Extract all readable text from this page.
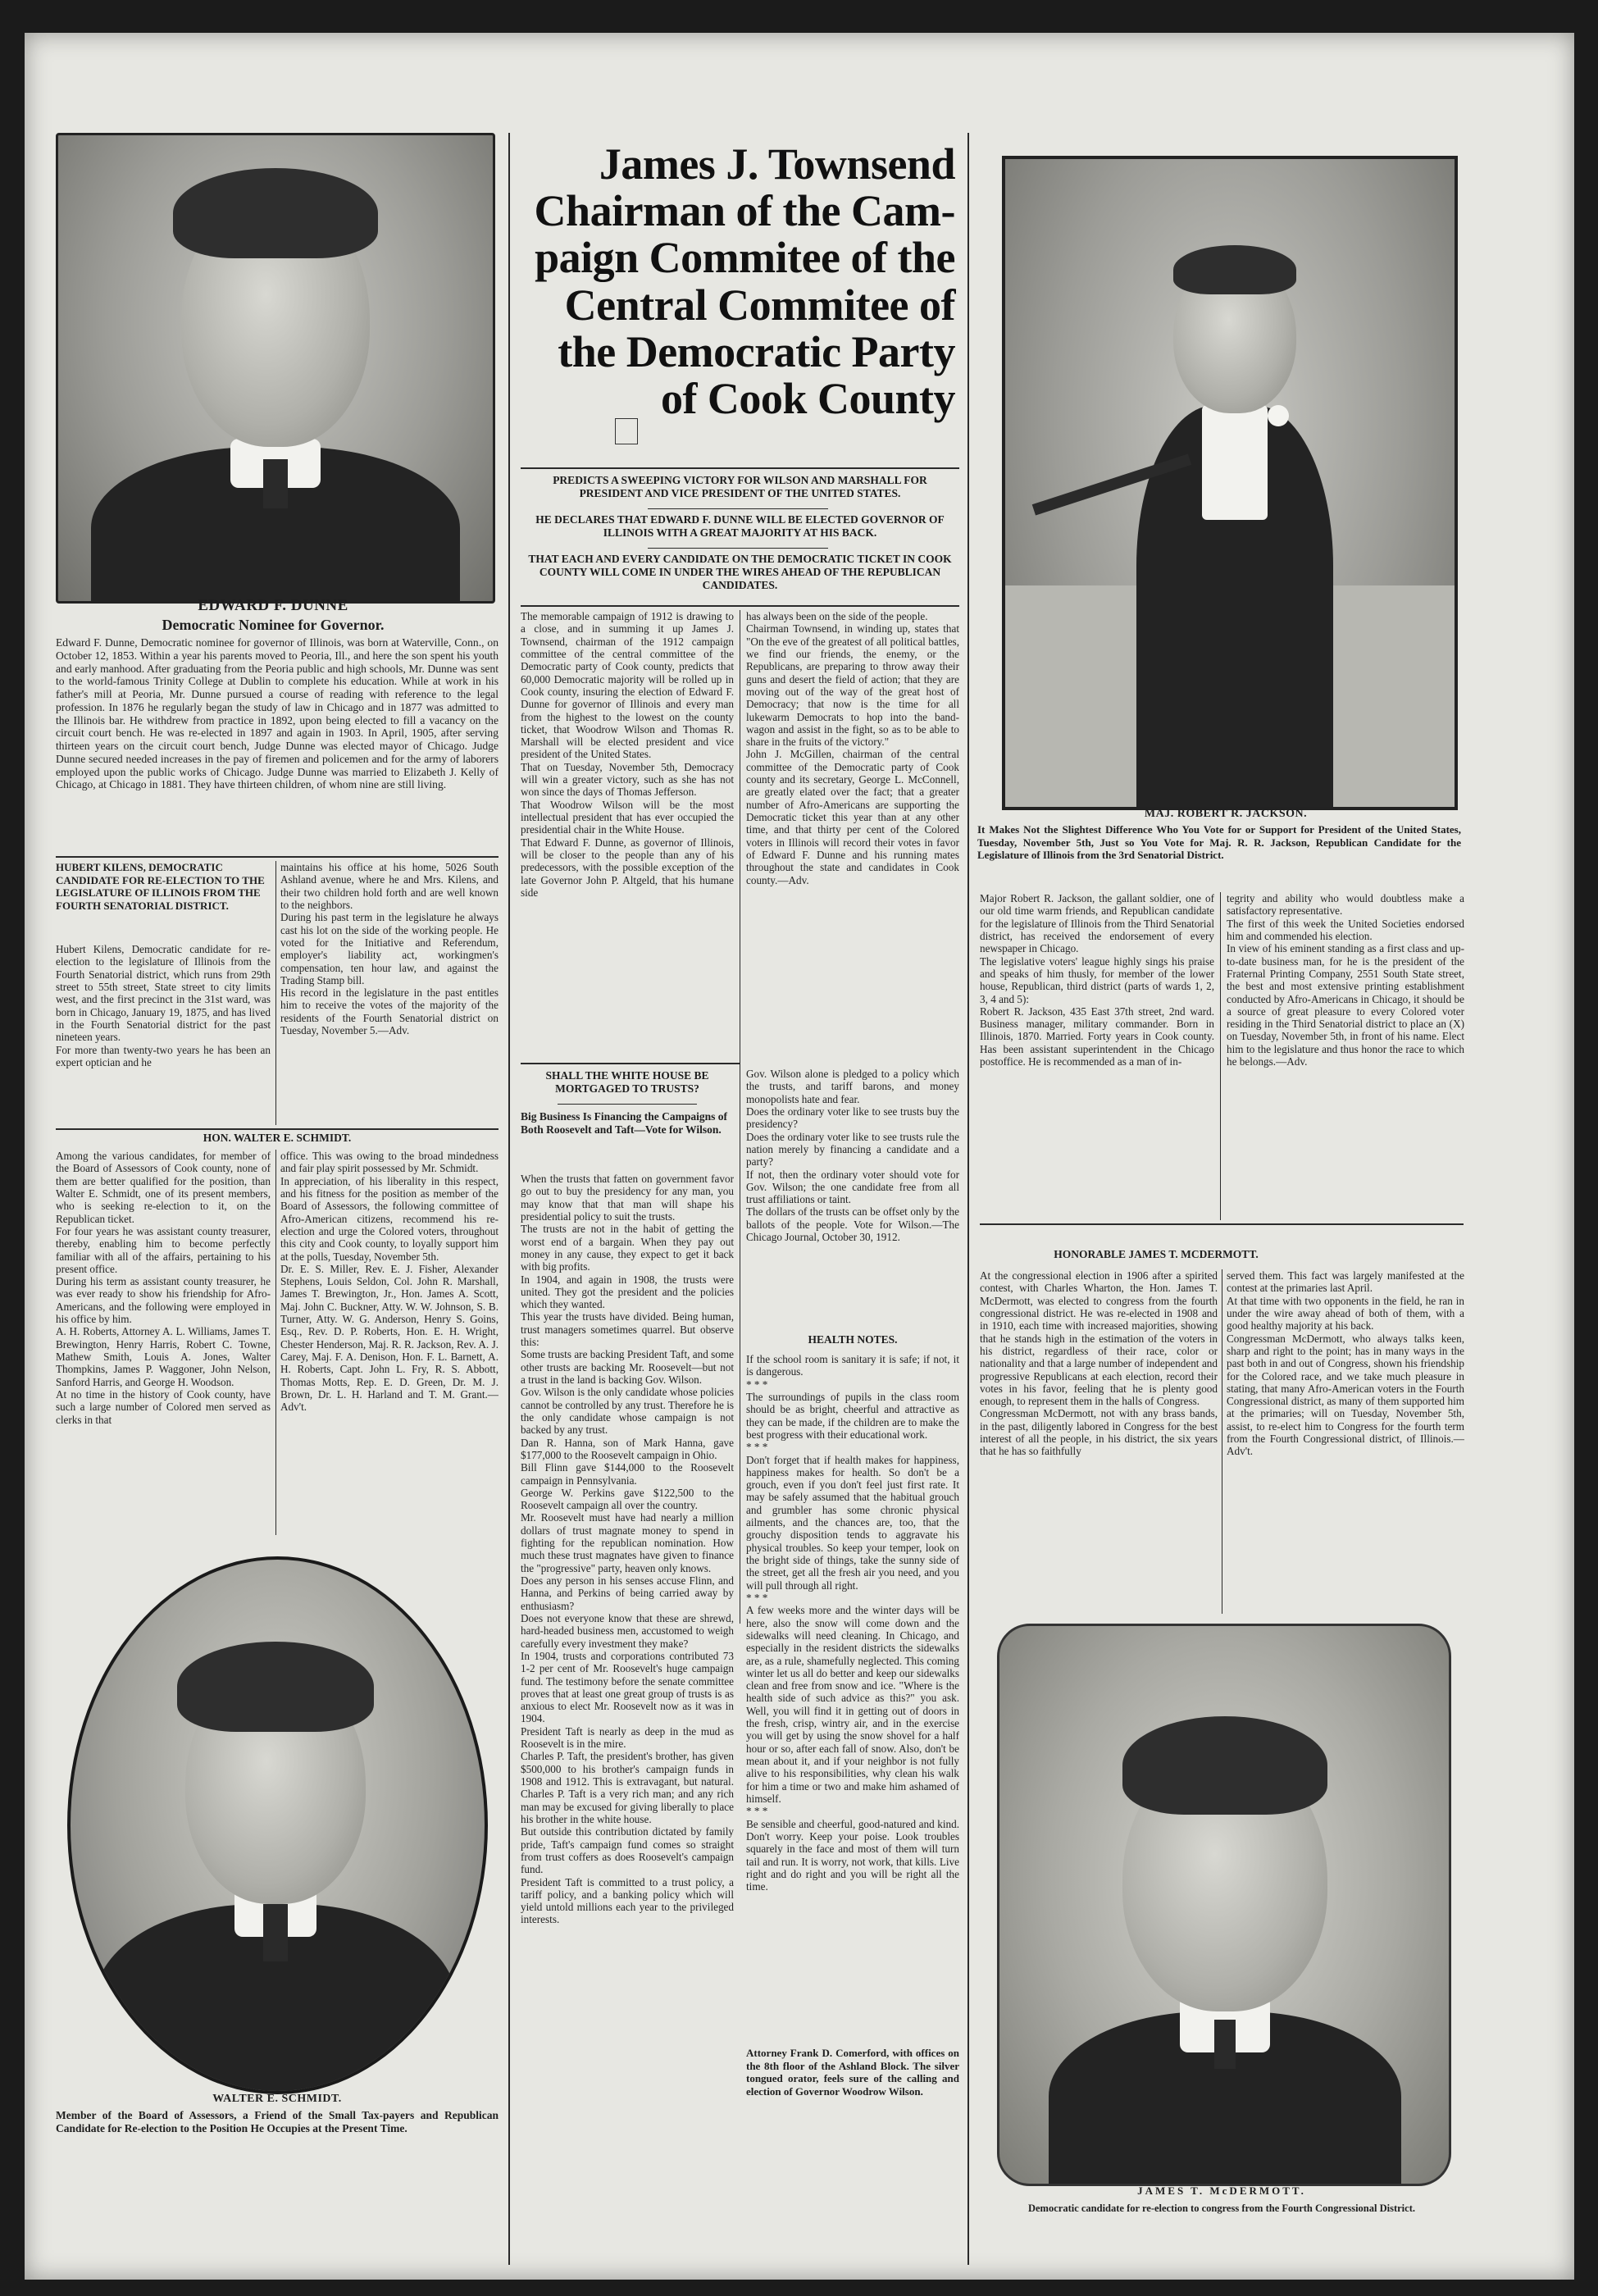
EDWARD F. DUNNE
Democratic Nominee for Governor.
Edward F. Dunne, Democratic nominee for governor of Illinois, was born at Waterville, Conn., on October 12, 1853. Within a year his parents moved to Peoria, Ill., and here the son spent his youth and early manhood. After graduating from the Peoria public and high schools, Mr. Dunne was sent to the world-famous Trinity College at Dublin to complete his education. While at work in his father's mill at Peoria, Mr. Dunne pursued a course of reading with reference to the legal profession. In 1876 he regularly began the study of law in Chicago and in 1877 was admitted to the Illinois bar. He withdrew from practice in 1892, upon being elected to fill a vacancy on the circuit court bench. He was re-elected in 1897 and again in 1903. In April, 1905, after serving thirteen years on the circuit court bench, Judge Dunne was elected mayor of Chicago. Judge Dunne secured needed increases in the pay of firemen and policemen and for the army of laborers employed upon the public works of Chicago. Judge Dunne was married to Elizabeth J. Kelly of Chicago, at Chicago in 1881. They have thirteen children, of whom nine are still living.
HUBERT KILENS, DEMOCRATIC CANDIDATE FOR RE-ELECTION TO THE LEGISLATURE OF ILLINOIS FROM THE FOURTH SENATORIAL DISTRICT.
Hubert Kilens, Democratic candidate for re-election to the legislature of Illinois from the Fourth Senatorial district, which runs from 29th street to 55th street, State street to city limits west, and the first precinct in the 31st ward, was born in Chicago, January 19, 1875, and has lived in the Fourth Senatorial district for the past nineteen years.
For more than twenty-two years he has been an expert optician and he
maintains his office at his home, 5026 South Ashland avenue, where he and Mrs. Kilens, and their two children hold forth and are well known to the neighbors.
During his past term in the legislature he always cast his lot on the side of the working people. He voted for the Initiative and Referendum, employer's liability act, workingmen's compensation, ten hour law, and against the Trading Stamp bill.
His record in the legislature in the past entitles him to receive the votes of the majority of the residents of the Fourth Senatorial district on Tuesday, November 5.—Adv.
HON. WALTER E. SCHMIDT.
Among the various candidates, for member of the Board of Assessors of Cook county, none of them are better qualified for the position, than Walter E. Schmidt, one of its present members, who is seeking re-election to it, on the Republican ticket.
For four years he was assistant county treasurer, thereby, enabling him to become perfectly familiar with all of the affairs, pertaining to his present office.
During his term as assistant county treasurer, he was ever ready to show his friendship for Afro-Americans, and the following were employed in his office by him.
A. H. Roberts, Attorney A. L. Williams, James T. Brewington, Henry Harris, Robert C. Towne, Mathew Smith, Louis A. Jones, Walter Thompkins, James P. Waggoner, John Nelson, Sanford Harris, and George H. Woodson.
At no time in the history of Cook county, have such a large number of Colored men served as clerks in that
office. This was owing to the broad mindedness and fair play spirit possessed by Mr. Schmidt.
In appreciation, of his liberality in this respect, and his fitness for the position as member of the Board of Assessors, the following committee of Afro-American citizens, recommend his re-election and urge the Colored voters, throughout this city and Cook county, to loyally support him at the polls, Tuesday, November 5th.
Dr. E. S. Miller, Rev. E. J. Fisher, Alexander Stephens, Louis Seldon, Col. John R. Marshall, James T. Brewington, Jr., Hon. James A. Scott, Maj. John C. Buckner, Atty. W. W. Johnson, S. B. Turner, Atty. W. G. Anderson, Henry S. Goins, Esq., Rev. D. P. Roberts, Hon. E. H. Wright, Chester Henderson, Maj. R. R. Jackson, Rev. A. J. Carey, Maj. F. A. Denison, Hon. F. L. Barnett, A. H. Roberts, Capt. John L. Fry, R. S. Abbott, Thomas Motts, Rep. E. D. Green, Dr. M. J. Brown, Dr. L. H. Harland and T. M. Grant.—Adv't.
WALTER E. SCHMIDT.
Member of the Board of Assessors, a Friend of the Small Tax-payers and Republican Candidate for Re-election to the Position He Occupies at the Present Time.
James J. Townsend
Chairman of the Cam-
paign Commitee of the
Central Commitee of
the Democratic Party
of Cook County
PREDICTS A SWEEPING VICTORY FOR WILSON AND MARSHALL FOR PRESIDENT AND VICE PRESIDENT OF THE UNITED STATES.
HE DECLARES THAT EDWARD F. DUNNE WILL BE ELECTED GOVERNOR OF ILLINOIS WITH A GREAT MAJORITY AT HIS BACK.
THAT EACH AND EVERY CANDIDATE ON THE DEMOCRATIC TICKET IN COOK COUNTY WILL COME IN UNDER THE WIRES AHEAD OF THE REPUBLICAN CANDIDATES.
The memorable campaign of 1912 is drawing to a close, and in summing it up James J. Townsend, chairman of the 1912 campaign committee of the central committee of the Democratic party of Cook county, predicts that 60,000 Democratic majority will be rolled up in Cook county, insuring the election of Edward F. Dunne for governor of Illinois and every man from the highest to the lowest on the county ticket, that Woodrow Wilson and Thomas R. Marshall will be elected president and vice president of the United States.
That on Tuesday, November 5th, Democracy will win a greater victory, such as she has not won since the days of Thomas Jefferson.
That Woodrow Wilson will be the most intellectual president that has ever occupied the presidential chair in the White House.
That Edward F. Dunne, as governor of Illinois, will be closer to the people than any of his predecessors, with the possible exception of the late Governor John P. Altgeld, that his humane side
has always been on the side of the people.
Chairman Townsend, in winding up, states that "On the eve of the greatest of all political battles, we find our friends, the enemy, or the Republicans, are preparing to throw away their guns and desert the field of action; that they are moving out of the way of the great host of Democracy; that now is the time for all lukewarm Democrats to hop into the band-wagon and assist in the fight, so as to be able to share in the fruits of the victory."
John J. McGillen, chairman of the central committee of the Democratic party of Cook county and its secretary, George L. McConnell, are greatly elated over the fact; that a greater number of Afro-Americans are supporting the Democratic ticket this year than at any other time, and that thirty per cent of the Colored voters in Illinois will record their votes in favor of Edward F. Dunne and his running mates throughout the state and candidates in Cook county.—Adv.
SHALL THE WHITE HOUSE BE MORTGAGED TO TRUSTS?
Big Business Is Financing the Campaigns of Both Roosevelt and Taft—Vote for Wilson.
When the trusts that fatten on government favor go out to buy the presidency for any man, you may know that that man will shape his presidential policy to suit the trusts.
The trusts are not in the habit of getting the worst end of a bargain. When they pay out money in any cause, they expect to get it back with big profits.
In 1904, and again in 1908, the trusts were united. They got the president and the policies which they wanted.
This year the trusts have divided. Being human, trust managers sometimes quarrel. But observe this:
Some trusts are backing President Taft, and some other trusts are backing Mr. Roosevelt—but not a trust in the land is backing Gov. Wilson.
Gov. Wilson is the only candidate whose policies cannot be controlled by any trust. Therefore he is the only candidate whose campaign is not backed by any trust.
Dan R. Hanna, son of Mark Hanna, gave $177,000 to the Roosevelt campaign in Ohio.
Bill Flinn gave $144,000 to the Roosevelt campaign in Pennsylvania.
George W. Perkins gave $122,500 to the Roosevelt campaign all over the country.
Mr. Roosevelt must have had nearly a million dollars of trust magnate money to spend in fighting for the republican nomination. How much these trust magnates have given to finance the "progressive" party, heaven only knows.
Does any person in his senses accuse Flinn, and Hanna, and Perkins of being carried away by enthusiasm?
Does not everyone know that these are shrewd, hard-headed business men, accustomed to weigh carefully every investment they make?
In 1904, trusts and corporations contributed 73 1-2 per cent of Mr. Roosevelt's huge campaign fund. The testimony before the senate committee proves that at least one great group of trusts is as anxious to elect Mr. Roosevelt now as it was in 1904.
President Taft is nearly as deep in the mud as Roosevelt is in the mire.
Charles P. Taft, the president's brother, has given $500,000 to his brother's campaign funds in 1908 and 1912. This is extravagant, but natural. Charles P. Taft is a very rich man; and any rich man may be excused for giving liberally to place his brother in the white house.
But outside this contribution dictated by family pride, Taft's campaign fund comes so straight from trust coffers as does Roosevelt's campaign fund.
President Taft is committed to a trust policy, a tariff policy, and a banking policy which will yield untold millions each year to the privileged interests.
Gov. Wilson alone is pledged to a policy which the trusts, and tariff barons, and money monopolists hate and fear.
Does the ordinary voter like to see trusts buy the presidency?
Does the ordinary voter like to see trusts rule the nation merely by financing a candidate and a party?
If not, then the ordinary voter should vote for Gov. Wilson; the one candidate free from all trust affiliations or taint.
The dollars of the trusts can be offset only by the ballots of the people. Vote for Wilson.—The Chicago Journal, October 30, 1912.
HEALTH NOTES.
If the school room is sanitary it is safe; if not, it is dangerous.
* * *
The surroundings of pupils in the class room should be as bright, cheerful and attractive as they can be made, if the children are to make the best progress with their educational work.
* * *
Don't forget that if health makes for happiness, happiness makes for health. So don't be a grouch, even if you don't feel just first rate. It may be safely assumed that the habitual grouch and grumbler has some chronic physical ailments, and the chances are, too, that the grouchy disposition tends to aggravate his physical troubles. So keep your temper, look on the bright side of things, take the sunny side of the street, get all the fresh air you need, and you will pull through all right.
* * *
A few weeks more and the winter days will be here, also the snow will come down and the sidewalks will need cleaning. In Chicago, and especially in the resident districts the sidewalks are, as a rule, shamefully neglected. This coming winter let us all do better and keep our sidewalks clean and free from snow and ice. "Where is the health side of such advice as this?" you ask. Well, you will find it in getting out of doors in the fresh, crisp, wintry air, and in the exercise you will get by using the snow shovel for a half hour or so, after each fall of snow. Also, don't be mean about it, and if your neighbor is not fully alive to his responsibilities, why clean his walk for him a time or two and make him ashamed of himself.
* * *
Be sensible and cheerful, good-natured and kind. Don't worry. Keep your poise. Look troubles squarely in the face and most of them will turn tail and run. It is worry, not work, that kills. Live right and do right and you will be right all the time.
Attorney Frank D. Comerford, with offices on the 8th floor of the Ashland Block. The silver tongued orator, feels sure of the calling and election of Governor Woodrow Wilson.
MAJ. ROBERT R. JACKSON.
It Makes Not the Slightest Difference Who You Vote for or Support for President of the United States, Tuesday, November 5th, Just so You Vote for Maj. R. R. Jackson, Republican Candidate for the Legislature of Illinois from the 3rd Senatorial District.
Major Robert R. Jackson, the gallant soldier, one of our old time warm friends, and Republican candidate for the legislature of Illinois from the Third Senatorial district, has received the endorsement of every newspaper in Chicago.
The legislative voters' league highly sings his praise and speaks of him thusly, for member of the lower house, Republican, third district (parts of wards 1, 2, 3, 4 and 5):
Robert R. Jackson, 435 East 37th street, 2nd ward. Business manager, military commander. Born in Illinois, 1870. Married. Forty years in Cook county. Has been assistant superintendent in the Chicago postoffice. He is recommended as a man of in-
tegrity and ability who would doubtless make a satisfactory representative.
The first of this week the United Societies endorsed him and commended his election.
In view of his eminent standing as a first class and up-to-date business man, for he is the president of the Fraternal Printing Company, 2551 South State street, the best and most extensive printing establishment conducted by Afro-Americans in Chicago, it should be a source of great pleasure to every Colored voter residing in the Third Senatorial district to place an (X) on Tuesday, November 5th, in front of his name. Elect him to the legislature and thus honor the race to which he belongs.—Adv.
HONORABLE JAMES T. MCDERMOTT.
At the congressional election in 1906 after a spirited contest, with Charles Wharton, the Hon. James T. McDermott, was elected to congress from the fourth congressional district. He was re-elected in 1908 and in 1910, each time with increased majorities, showing that he stands high in the estimation of the voters in his district, regardless of their race, color or nationality and that a large number of independent and progressive Republicans at each election, record their votes in his favor, feeling that he is plenty good enough, to represent them in the halls of Congress.
Congressman McDermott, not with any brass bands, in the past, diligently labored in Congress for the best interest of all the people, in his district, the six years that he has so faithfully
served them. This fact was largely manifested at the contest at the primaries last April.
At that time with two opponents in the field, he ran in under the wire away ahead of both of them, with a good healthy majority at his back.
Congressman McDermott, who always talks keen, sharp and right to the point; has in many ways in the past both in and out of Congress, shown his friendship for the Colored race, and we take much pleasure in stating, that many Afro-American voters in the Fourth Congressional district, as many of them supported him at the primaries; will on Tuesday, November 5th, assist, to re-elect him to Congress for the fourth term from the Fourth Congressional district, of Illinois.—Adv't.
JAMES T. McDERMOTT.
Democratic candidate for re-election to congress from the Fourth Congressional District.
